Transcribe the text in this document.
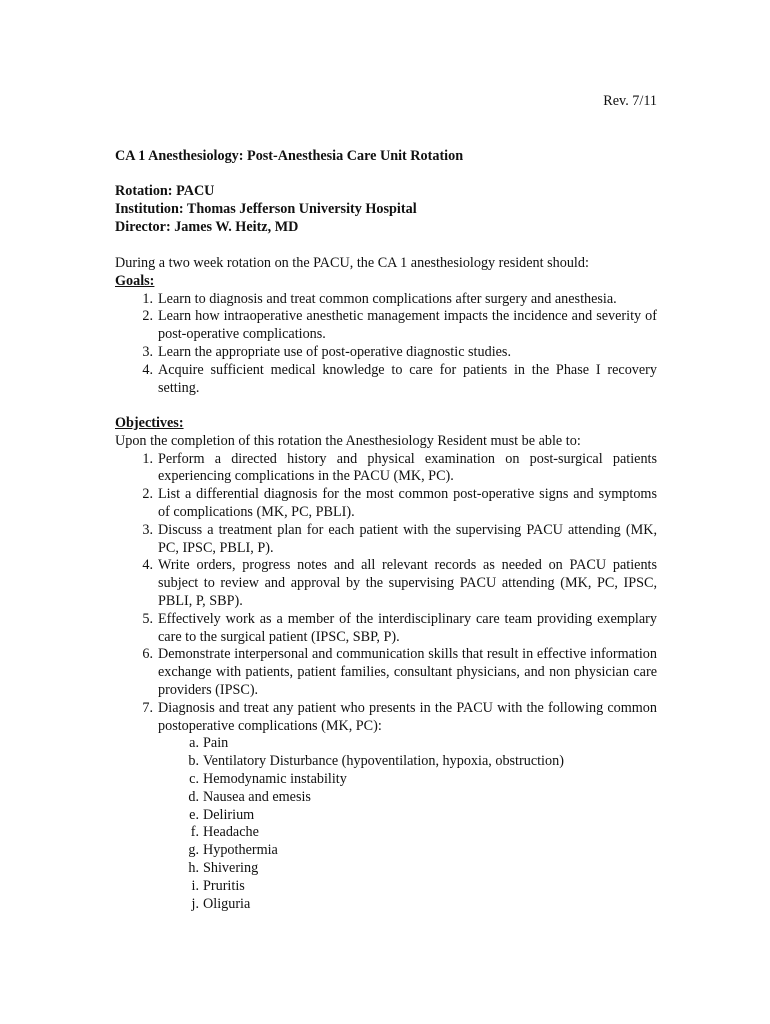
Rev. 7/11
CA 1 Anesthesiology: Post-Anesthesia Care Unit Rotation
Rotation: PACU
Institution: Thomas Jefferson University Hospital
Director: James W. Heitz, MD
During a two week rotation on the PACU, the CA 1 anesthesiology resident should:
Goals:
1. Learn to diagnosis and treat common complications after surgery and anesthesia.
2. Learn how intraoperative anesthetic management impacts the incidence and severity of post-operative complications.
3. Learn the appropriate use of post-operative diagnostic studies.
4. Acquire sufficient medical knowledge to care for patients in the Phase I recovery setting.
Objectives:
Upon the completion of this rotation the Anesthesiology Resident must be able to:
1. Perform a directed history and physical examination on post-surgical patients experiencing complications in the PACU (MK, PC).
2. List a differential diagnosis for the most common post-operative signs and symptoms of complications (MK, PC, PBLI).
3. Discuss a treatment plan for each patient with the supervising PACU attending (MK, PC, IPSC, PBLI, P).
4. Write orders, progress notes and all relevant records as needed on PACU patients subject to review and approval by the supervising PACU attending (MK, PC, IPSC, PBLI, P, SBP).
5. Effectively work as a member of the interdisciplinary care team providing exemplary care to the surgical patient (IPSC, SBP, P).
6. Demonstrate interpersonal and communication skills that result in effective information exchange with patients, patient families, consultant physicians, and non physician care providers (IPSC).
7. Diagnosis and treat any patient who presents in the PACU with the following common postoperative complications (MK, PC):
a. Pain
b. Ventilatory Disturbance (hypoventilation, hypoxia, obstruction)
c. Hemodynamic instability
d. Nausea and emesis
e. Delirium
f. Headache
g. Hypothermia
h. Shivering
i. Pruritis
j. Oliguria
